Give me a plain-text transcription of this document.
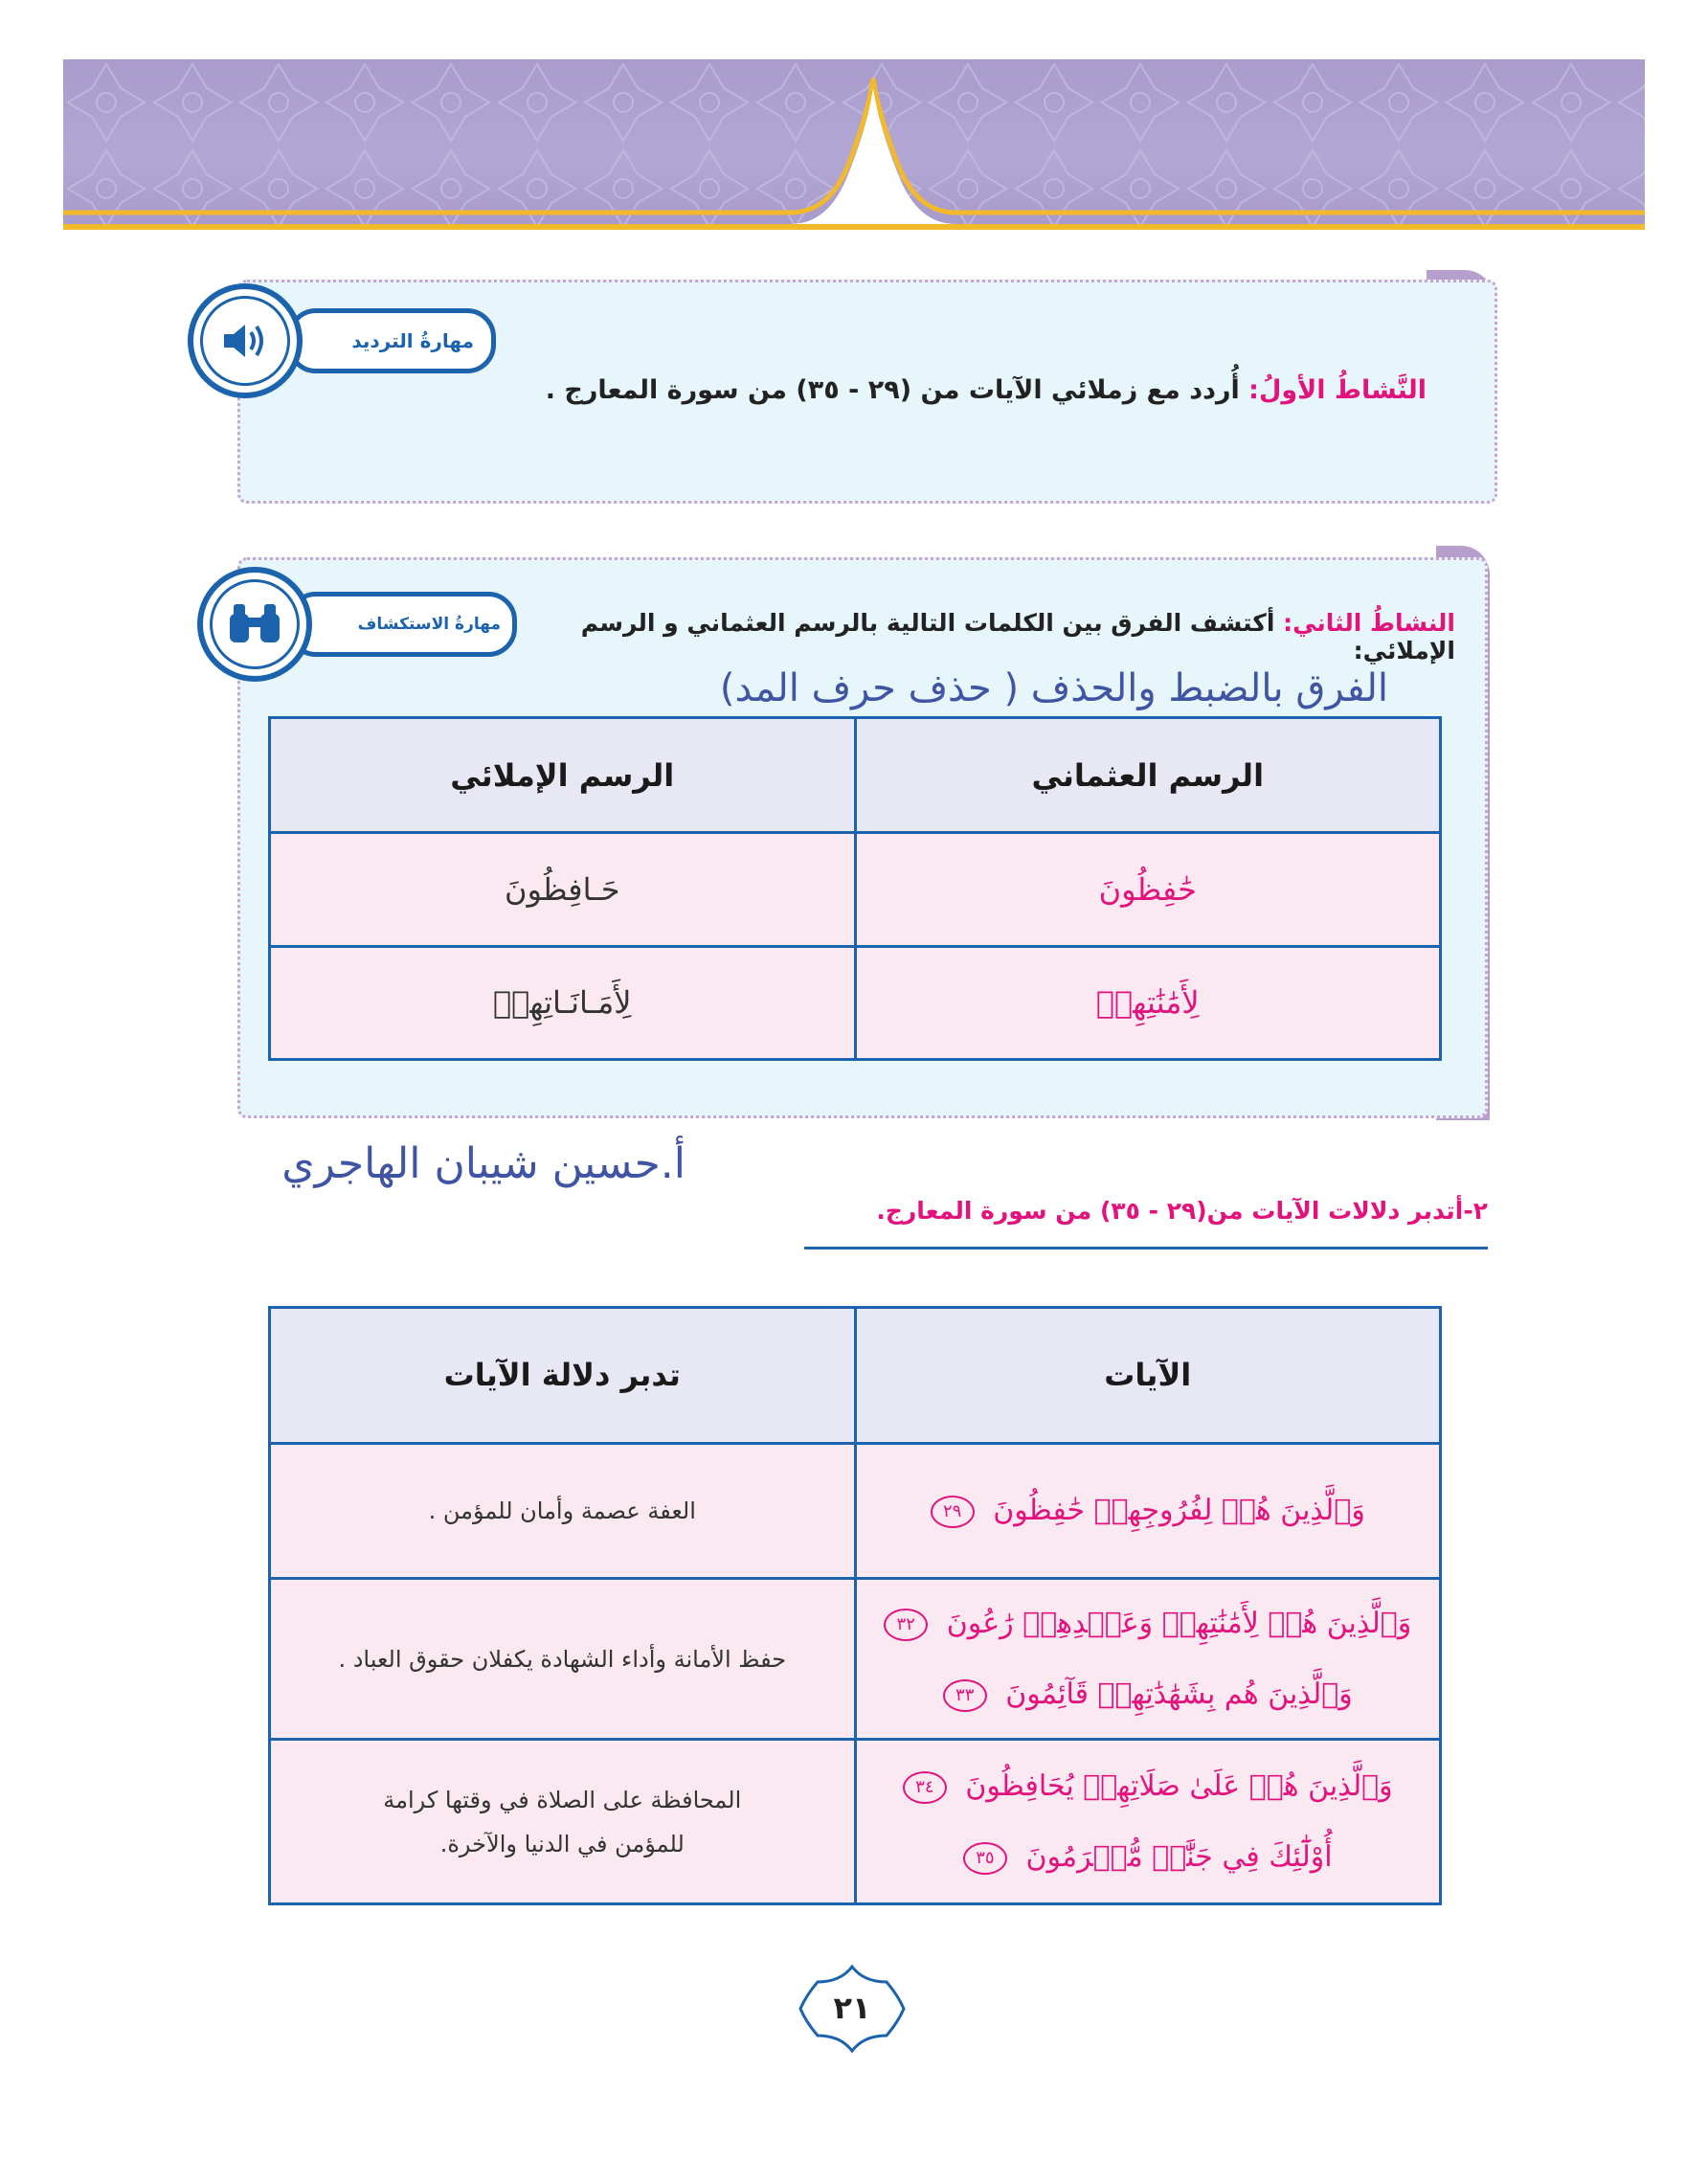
مهارةُ الترديد
النَّشاطُ الأولُ: أُردد مع زملائي الآيات من (٢٩ - ٣٥) من سورة المعارج .
مهارةُ الاستكشاف	النشاطُ الثاني: أكتشف الفرق بين الكلمات التالية بالرسم العثماني و الرسم الإملائي:
الفرق بالضبط والحذف ( حذف حرف المد)
الرسم العثماني	الرسم الإملائي
حَٰفِظُونَ	حَـافِظُونَ
لِأَمَٰنَٰتِهِمۡ	لِأَمَـانَـاتِهِمۡ
أ.حسين شيبان الهاجري
٢-أتدبر دلالات الآيات من(٢٩ - ٣٥) من سورة المعارج.
الآيات	تدبر دلالة الآيات

وَٱلَّذِينَ هُمۡ لِفُرُوجِهِمۡ حَٰفِظُونَ ٢٩	العفة عصمة وأمان للمؤمن .

وَٱلَّذِينَ هُمۡ لِأَمَٰنَٰتِهِمۡ وَعَهۡدِهِمۡ رَٰعُونَ ٣٢
وَٱلَّذِينَ هُم بِشَهَٰدَٰتِهِمۡ قَآئِمُونَ ٣٣	حفظ الأمانة وأداء الشهادة يكفلان حقوق العباد .

وَٱلَّذِينَ هُمۡ عَلَىٰ صَلَاتِهِمۡ يُحَافِظُونَ ٣٤
أُوْلَٰٓئِكَ فِي جَنَّٰتٖ مُّكۡرَمُونَ ٣٥	المحافظة على الصلاة في وقتها كرامة
للمؤمن في الدنيا والآخرة.
٢١
